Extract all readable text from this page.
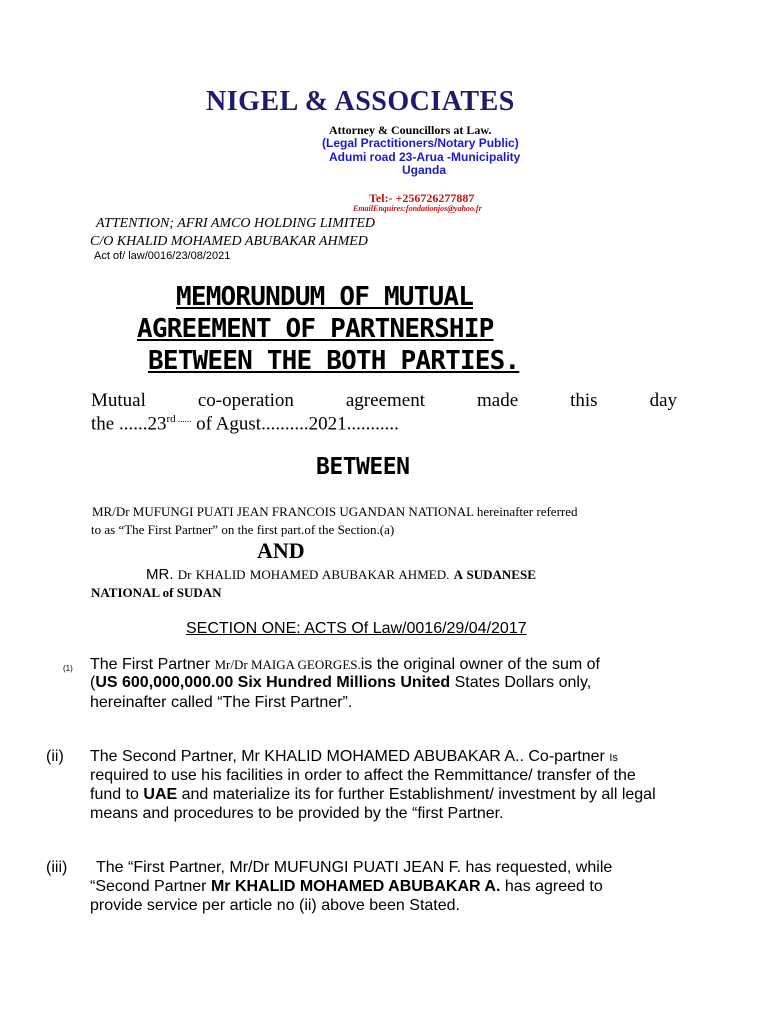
NIGEL & ASSOCIATES
Attorney & Councillors at Law.
(Legal Practitioners/Notary Public)
Adumi road 23-Arua -Municipality
Uganda
Tel:- +256726277887
EmailEnquires:fondationjos@yahoo.fr
ATTENTION; AFRI AMCO HOLDING LIMITED
C/O KHALID MOHAMED ABUBAKAR AHMED
Act of/ law/0016/23/08/2021
MEMORUNDUM OF MUTUAL
AGREEMENT OF PARTNERSHIP
BETWEEN THE BOTH PARTIES.
Mutual co-operation agreement made this day
the ......23rd ...... of Agust..........2021...........
BETWEEN
MR/Dr MUFUNGI PUATI JEAN FRANCOIS UGANDAN NATIONAL hereinafter referred
to as “The First Partner” on the first part.of the Section.(a)
AND
MR. Dr KHALID MOHAMED ABUBAKAR AHMED. A SUDANESE
NATIONAL of SUDAN
SECTION ONE: ACTS Of Law/0016/29/04/2017
(1) The First Partner Mr/Dr MAIGA GEORGES.is the original owner of the sum of
(US 600,000,000.00 Six Hundred Millions United States Dollars only,
hereinafter called “The First Partner”.
(ii) The Second Partner, Mr KHALID MOHAMED ABUBAKAR A.. Co-partner Is
required to use his facilities in order to affect the Remmittance/ transfer of the
fund to UAE and materialize its for further Establishment/ investment by all legal
means and procedures to be provided by the “first Partner.
(iii) The “First Partner, Mr/Dr MUFUNGI PUATI JEAN F. has requested, while
“Second Partner Mr KHALID MOHAMED ABUBAKAR A. has agreed to
provide service per article no (ii) above been Stated.
